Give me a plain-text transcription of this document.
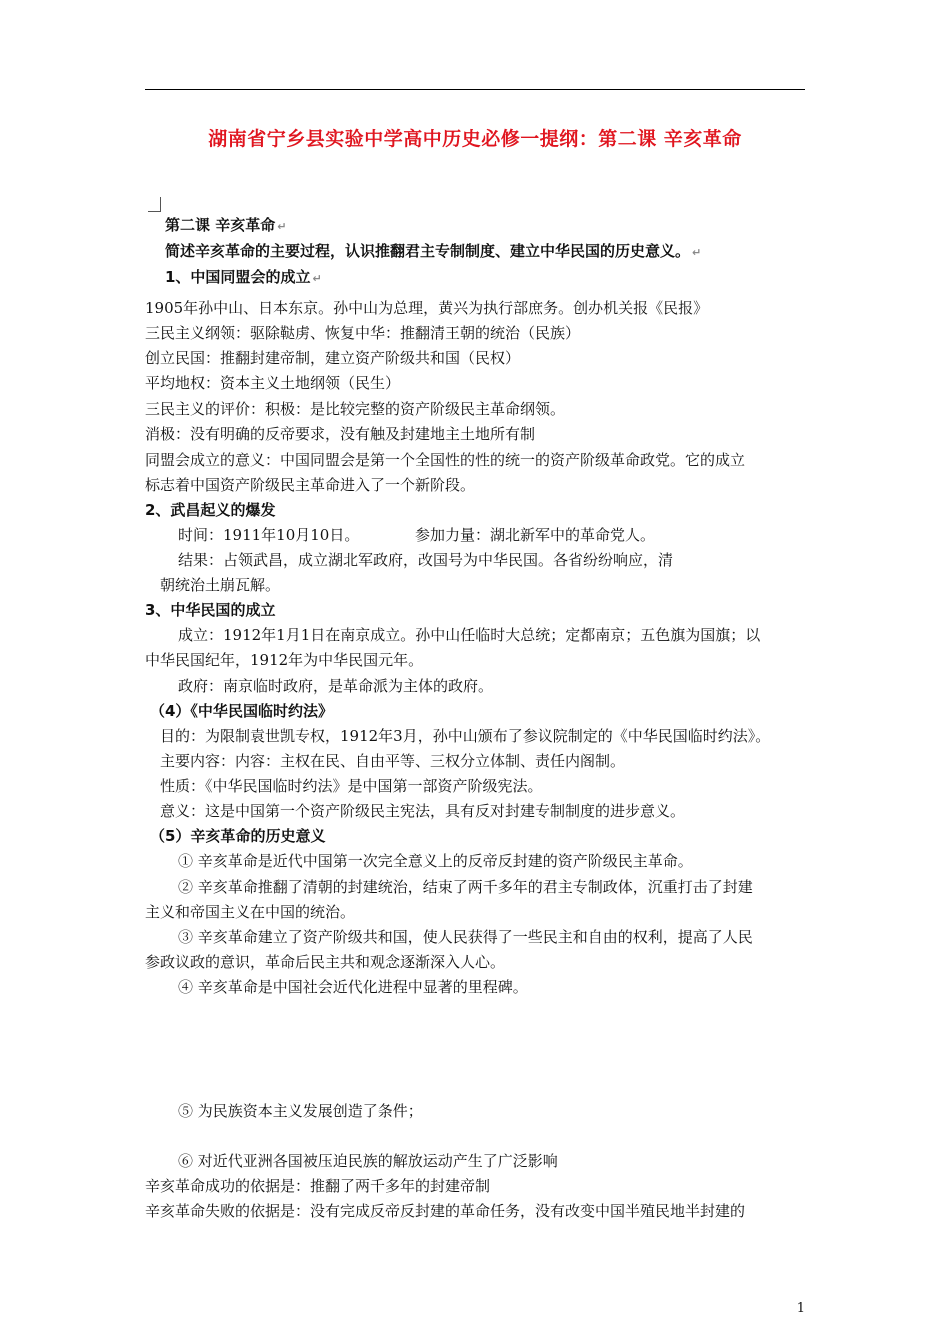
湖南省宁乡县实验中学高中历史必修一提纲：第二课 辛亥革命
第二课 辛亥革命 ↵
简述辛亥革命的主要过程，认识推翻君主专制制度、建立中华民国的历史意义。 ↵
1、中国同盟会的成立 ↵
1905年孙中山、日本东京。孙中山为总理，黄兴为执行部庶务。创办机关报《民报》
三民主义纲领：驱除鞑虏、恢复中华：推翻清王朝的统治（民族）
创立民国：推翻封建帝制，建立资产阶级共和国（民权）
平均地权：资本主义土地纲领（民生）
三民主义的评价：积极：是比较完整的资产阶级民主革命纲领。
消极：没有明确的反帝要求，没有触及封建地主土地所有制
同盟会成立的意义：中国同盟会是第一个全国性的性的统一的资产阶级革命政党。它的成立
标志着中国资产阶级民主革命进入了一个新阶段。
2、武昌起义的爆发
时间：1911年10月10日。	参加力量：湖北新军中的革命党人。
结果：占领武昌，成立湖北军政府，改国号为中华民国。各省纷纷响应，清
朝统治土崩瓦解。
3、中华民国的成立
成立：1912年1月1日在南京成立。孙中山任临时大总统；定都南京；五色旗为国旗；以
中华民国纪年，1912年为中华民国元年。
政府：南京临时政府，是革命派为主体的政府。
（4）《中华民国临时约法》
目的：为限制袁世凯专权，1912年3月，孙中山颁布了参议院制定的《中华民国临时约法》。
主要内容：内容：主权在民、自由平等、三权分立体制、责任内阁制。
性质：《中华民国临时约法》是中国第一部资产阶级宪法。
意义：这是中国第一个资产阶级民主宪法，具有反对封建专制制度的进步意义。
（5）辛亥革命的历史意义
① 辛亥革命是近代中国第一次完全意义上的反帝反封建的资产阶级民主革命。
② 辛亥革命推翻了清朝的封建统治，结束了两千多年的君主专制政体，沉重打击了封建
主义和帝国主义在中国的统治。
③ 辛亥革命建立了资产阶级共和国，使人民获得了一些民主和自由的权利，提高了人民
参政议政的意识，革命后民主共和观念逐渐深入人心。
④ 辛亥革命是中国社会近代化进程中显著的里程碑。
⑤ 为民族资本主义发展创造了条件；
⑥ 对近代亚洲各国被压迫民族的解放运动产生了广泛影响
辛亥革命成功的依据是：推翻了两千多年的封建帝制
辛亥革命失败的依据是：没有完成反帝反封建的革命任务，没有改变中国半殖民地半封建的
1
